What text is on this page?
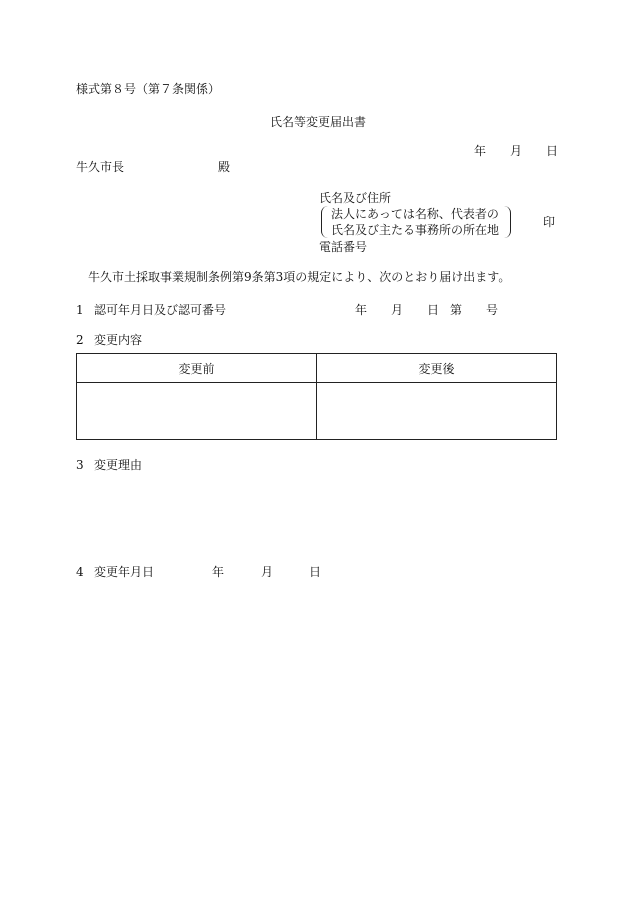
様式第８号（第７条関係）
氏名等変更届出書
年 月 日
牛久市長	殿
氏名及び住所
法人にあっては名称、代表者の
氏名及び主たる事務所の所在地
印
電話番号
牛久市土採取事業規制条例第9条第3項の規定により、次のとおり届け出ます。
1 認可年月日及び認可番号	年 月 日 第 号
2 変更内容
変更前	変更後

3 変更理由
4 変更年月日	年	月	日
